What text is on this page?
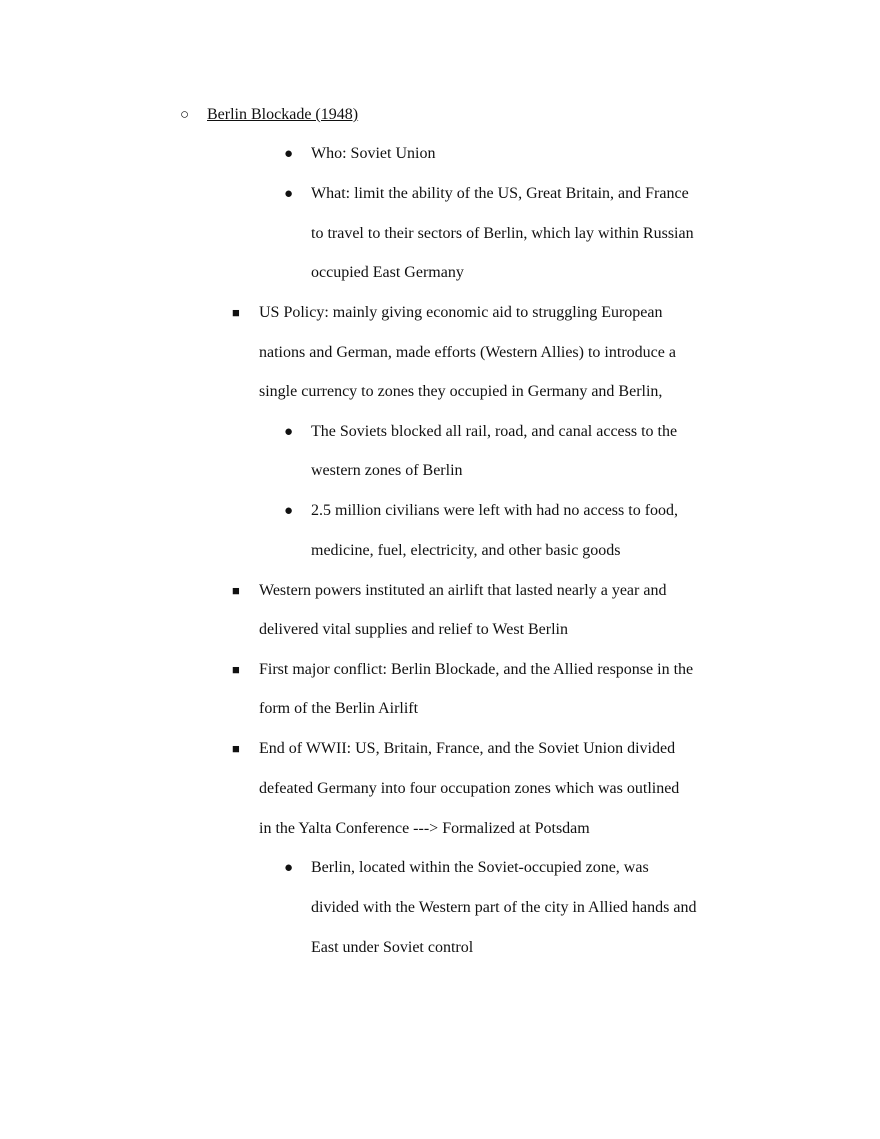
○ Berlin Blockade (1948)
● Who: Soviet Union
● What: limit the ability of the US, Great Britain, and France
to travel to their sectors of Berlin, which lay within Russian
occupied East Germany
■ US Policy: mainly giving economic aid to struggling European
nations and German, made efforts (Western Allies) to introduce a
single currency to zones they occupied in Germany and Berlin,
● The Soviets blocked all rail, road, and canal access to the
western zones of Berlin
● 2.5 million civilians were left with had no access to food,
medicine, fuel, electricity, and other basic goods
■ Western powers instituted an airlift that lasted nearly a year and
delivered vital supplies and relief to West Berlin
■ First major conflict: Berlin Blockade, and the Allied response in the
form of the Berlin Airlift
■ End of WWII: US, Britain, France, and the Soviet Union divided
defeated Germany into four occupation zones which was outlined
in the Yalta Conference ---> Formalized at Potsdam
● Berlin, located within the Soviet-occupied zone, was
divided with the Western part of the city in Allied hands and
East under Soviet control
